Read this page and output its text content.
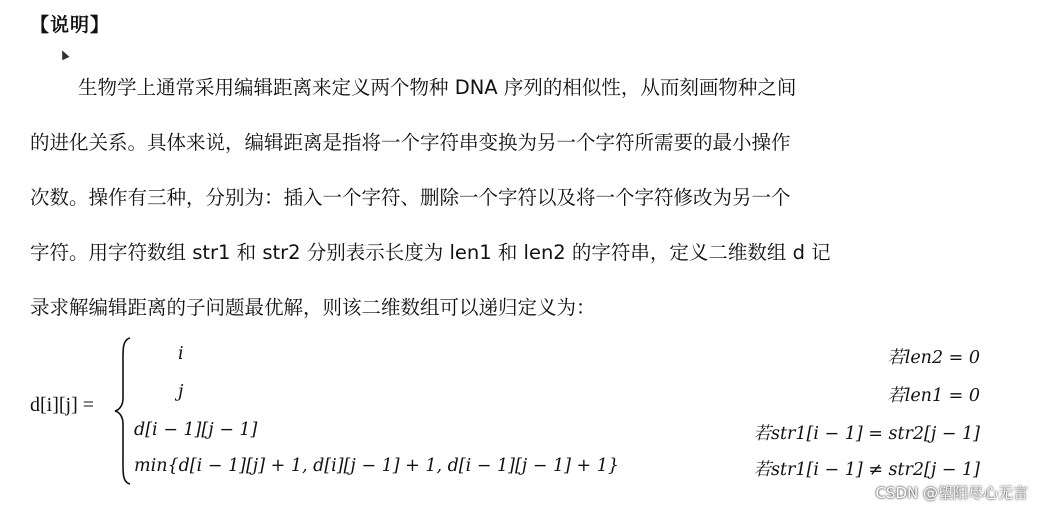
【说明】
生物学上通常采用编辑距离来定义两个物种 DNA 序列的相似性，从而刻画物种之间
的进化关系。具体来说，编辑距离是指将一个字符串变换为另一个字符所需要的最小操作
次数。操作有三种，分别为：插入一个字符、删除一个字符以及将一个字符修改为另一个
字符。用字符数组 str1 和 str2 分别表示长度为 len1 和 len2 的字符串，定义二维数组 d 记
录求解编辑距离的子问题最优解，则该二维数组可以递归定义为：
d[i][j] =
i	若len2 = 0
j	若len1 = 0
d[i − 1][j − 1]	若str1[i − 1] = str2[j − 1]
min{d[i − 1][j] + 1, d[i][j − 1] + 1, d[i − 1][j − 1] + 1}	若str1[i − 1] ≠ str2[j − 1]
CSDN @望阳尽心无言
